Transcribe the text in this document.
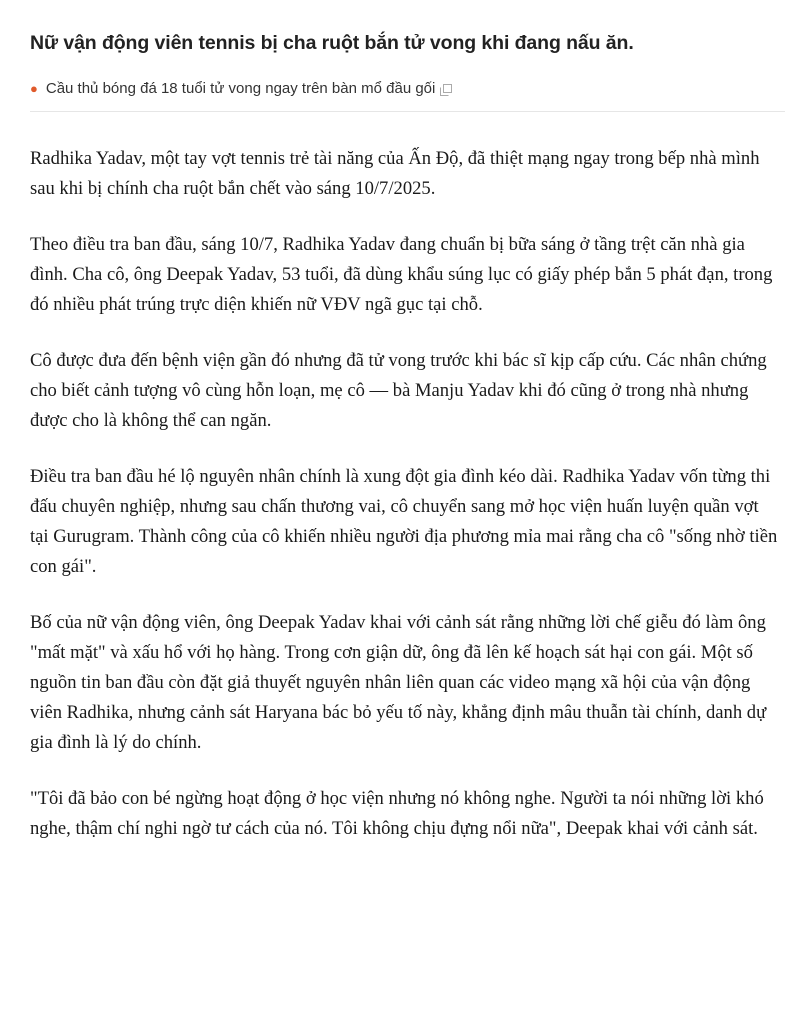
Nữ vận động viên tennis bị cha ruột bắn tử vong khi đang nấu ăn.
● Cầu thủ bóng đá 18 tuổi tử vong ngay trên bàn mổ đầu gối

Radhika Yadav, một tay vợt tennis trẻ tài năng của Ấn Độ, đã thiệt mạng ngay trong bếp nhà mình sau khi bị chính cha ruột bắn chết vào sáng 10/7/2025.

Theo điều tra ban đầu, sáng 10/7, Radhika Yadav đang chuẩn bị bữa sáng ở tầng trệt căn nhà gia đình. Cha cô, ông Deepak Yadav, 53 tuổi, đã dùng khẩu súng lục có giấy phép bắn 5 phát đạn, trong đó nhiều phát trúng trực diện khiến nữ VĐV ngã gục tại chỗ.

Cô được đưa đến bệnh viện gần đó nhưng đã tử vong trước khi bác sĩ kịp cấp cứu. Các nhân chứng cho biết cảnh tượng vô cùng hỗn loạn, mẹ cô — bà Manju Yadav khi đó cũng ở trong nhà nhưng được cho là không thể can ngăn.

Điều tra ban đầu hé lộ nguyên nhân chính là xung đột gia đình kéo dài. Radhika Yadav vốn từng thi đấu chuyên nghiệp, nhưng sau chấn thương vai, cô chuyển sang mở học viện huấn luyện quần vợt tại Gurugram. Thành công của cô khiến nhiều người địa phương mỉa mai rằng cha cô "sống nhờ tiền con gái".

Bố của nữ vận động viên, ông Deepak Yadav khai với cảnh sát rằng những lời chế giễu đó làm ông "mất mặt" và xấu hổ với họ hàng. Trong cơn giận dữ, ông đã lên kế hoạch sát hại con gái. Một số nguồn tin ban đầu còn đặt giả thuyết nguyên nhân liên quan các video mạng xã hội của vận động viên Radhika, nhưng cảnh sát Haryana bác bỏ yếu tố này, khẳng định mâu thuẫn tài chính, danh dự gia đình là lý do chính.

"Tôi đã bảo con bé ngừng hoạt động ở học viện nhưng nó không nghe. Người ta nói những lời khó nghe, thậm chí nghi ngờ tư cách của nó. Tôi không chịu đựng nổi nữa", Deepak khai với cảnh sát.
